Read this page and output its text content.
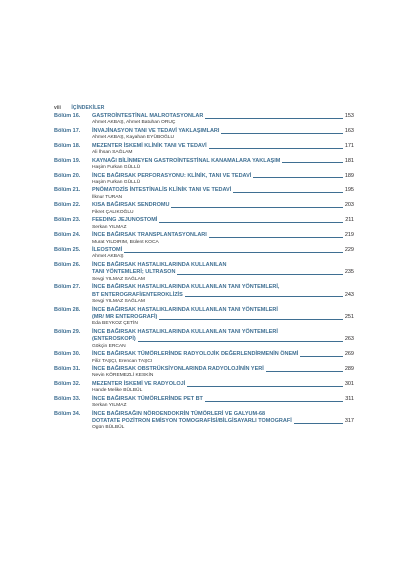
viii İÇİNDEKİLER
Bölüm 16.	GASTROİNTESTİNAL MALROTASYONLAR	153
Ahmet AKBAŞ, Ahmet Batuhan ORUÇ
Bölüm 17.	İNVAJİNASYON TANI VE TEDAVİ YAKLAŞIMLARI	163
Ahmet AKBAŞ, Kayahan EYÜBOĞLU
Bölüm 18.	MEZENTER İSKEMİ KLİNİK TANI VE TEDAVİ	171
Ali İhsan SAĞLAM
Bölüm 19.	KAYNAĞI BİLİNMEYEN GASTROİNTESTİNAL KANAMALARA YAKLAŞIM	181
Haşim Furkan GÜLLÜ
Bölüm 20.	İNCE BAĞIRSAK PERFORASYONU: KLİNİK, TANI VE TEDAVİ	189
Haşim Furkan GÜLLÜ
Bölüm 21.	PNÖMATOZİS İNTESTİNALİS KLİNİK TANI VE TEDAVİ	195
İlknur TURAN
Bölüm 22.	KISA BAĞIRSAK SENDROMU	203
Fikret ÇALIKOĞLU
Bölüm 23.	FEEDING JEJUNOSTOMİ	211
Serkan YILMAZ
Bölüm 24.	İNCE BAĞIRSAK TRANSPLANTASYONLARI	219
Murat YILDIRIM, Bülent KOCA
Bölüm 25.	İLEOSTOMİ	229
Ahmet AKBAŞ
Bölüm 26.	İNCE BAĞIRSAK HASTALIKLARINDA KULLANILAN
TANI YÖNTEMLERİ; ULTRASON	235
Sevgi YILMAZ SAĞLAM
Bölüm 27.	İNCE BAĞIRSAK HASTALIKLARINDA KULLANILAN TANI YÖNTEMLERİ,
BT ENTEROGRAFİ/ENTEROKLİZİS	243
Sevgi YILMAZ SAĞLAM
Bölüm 28.	İNCE BAĞIRSAK HASTALIKLARINDA KULLANILAN TANI YÖNTEMLERİ
(MR/ MR ENTEROGRAFİ)	251
Eda BEYKOZ ÇETİN
Bölüm 29.	İNCE BAĞIRSAK HASTALIKLARINDA KULLANILAN TANI YÖNTEMLERİ
(ENTEROSKOPİ)	263
Gökçin ERCAN
Bölüm 30.	İNCE BAĞIRSAK TÜMÖRLERİNDE RADYOLOJİK DEĞERLENDİRMENİN ÖNEMİ	269
Filiz TAŞÇI, Erencan TAŞCI
Bölüm 31.	İNCE BAĞIRSAK OBSTRÜKSİYONLARINDA RADYOLOJİNİN YERİ	289
Nevin KÖREMEZLİ KESKİN
Bölüm 32.	MEZENTER İSKEMİ VE RADYOLOJİ	301
Hande Melike BÜLBÜL
Bölüm 33.	İNCE BAĞIRSAK TÜMÖRLERİNDE PET BT	311
Serkan YILMAZ
Bölüm 34.	İNCE BAĞIRSAĞIN NÖROENDOKRİN TÜMÖRLERİ VE GALYUM-68
DOTATATE POZİTRON EMİSYON TOMOGRAFİSİ/BİLGİSAYARLI TOMOGRAFİ	317
Ogün BÜLBÜL
